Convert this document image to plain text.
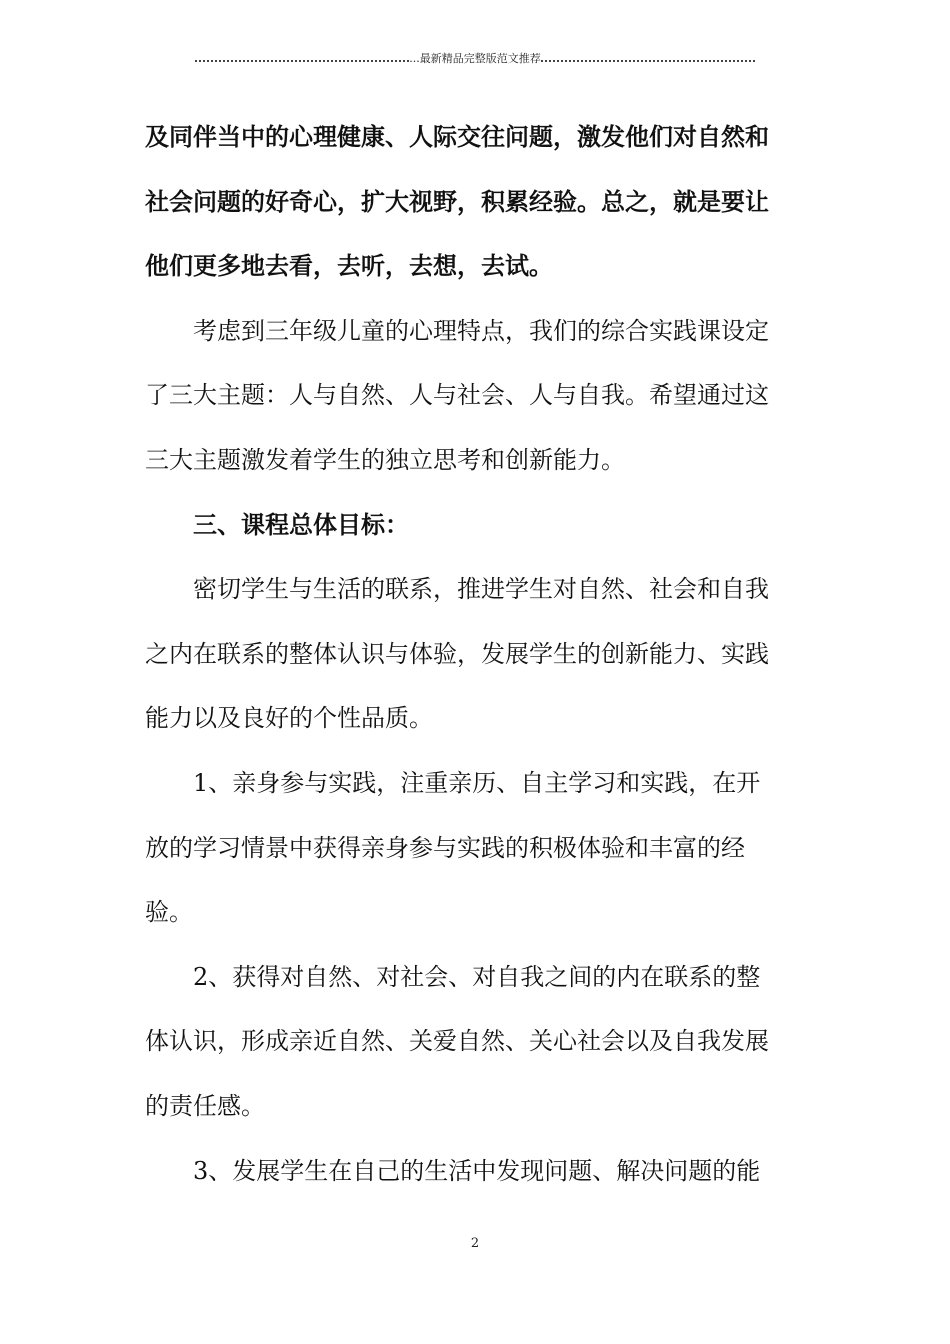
...最新精品完整版范文推荐
及同伴当中的心理健康、人际交往问题，激发他们对自然和
社会问题的好奇心，扩大视野，积累经验。总之，就是要让
他们更多地去看，去听，去想，去试。
　　考虑到三年级儿童的心理特点，我们的综合实践课设定
了三大主题：人与自然、人与社会、人与自我。希望通过这
三大主题激发着学生的独立思考和创新能力。
　　三、课程总体目标：
　　密切学生与生活的联系，推进学生对自然、社会和自我
之内在联系的整体认识与体验，发展学生的创新能力、实践
能力以及良好的个性品质。
　　1、亲身参与实践，注重亲历、自主学习和实践，在开
放的学习情景中获得亲身参与实践的积极体验和丰富的经
验。
　　2、获得对自然、对社会、对自我之间的内在联系的整
体认识，形成亲近自然、关爱自然、关心社会以及自我发展
的责任感。
　　3、发展学生在自己的生活中发现问题、解决问题的能
2
